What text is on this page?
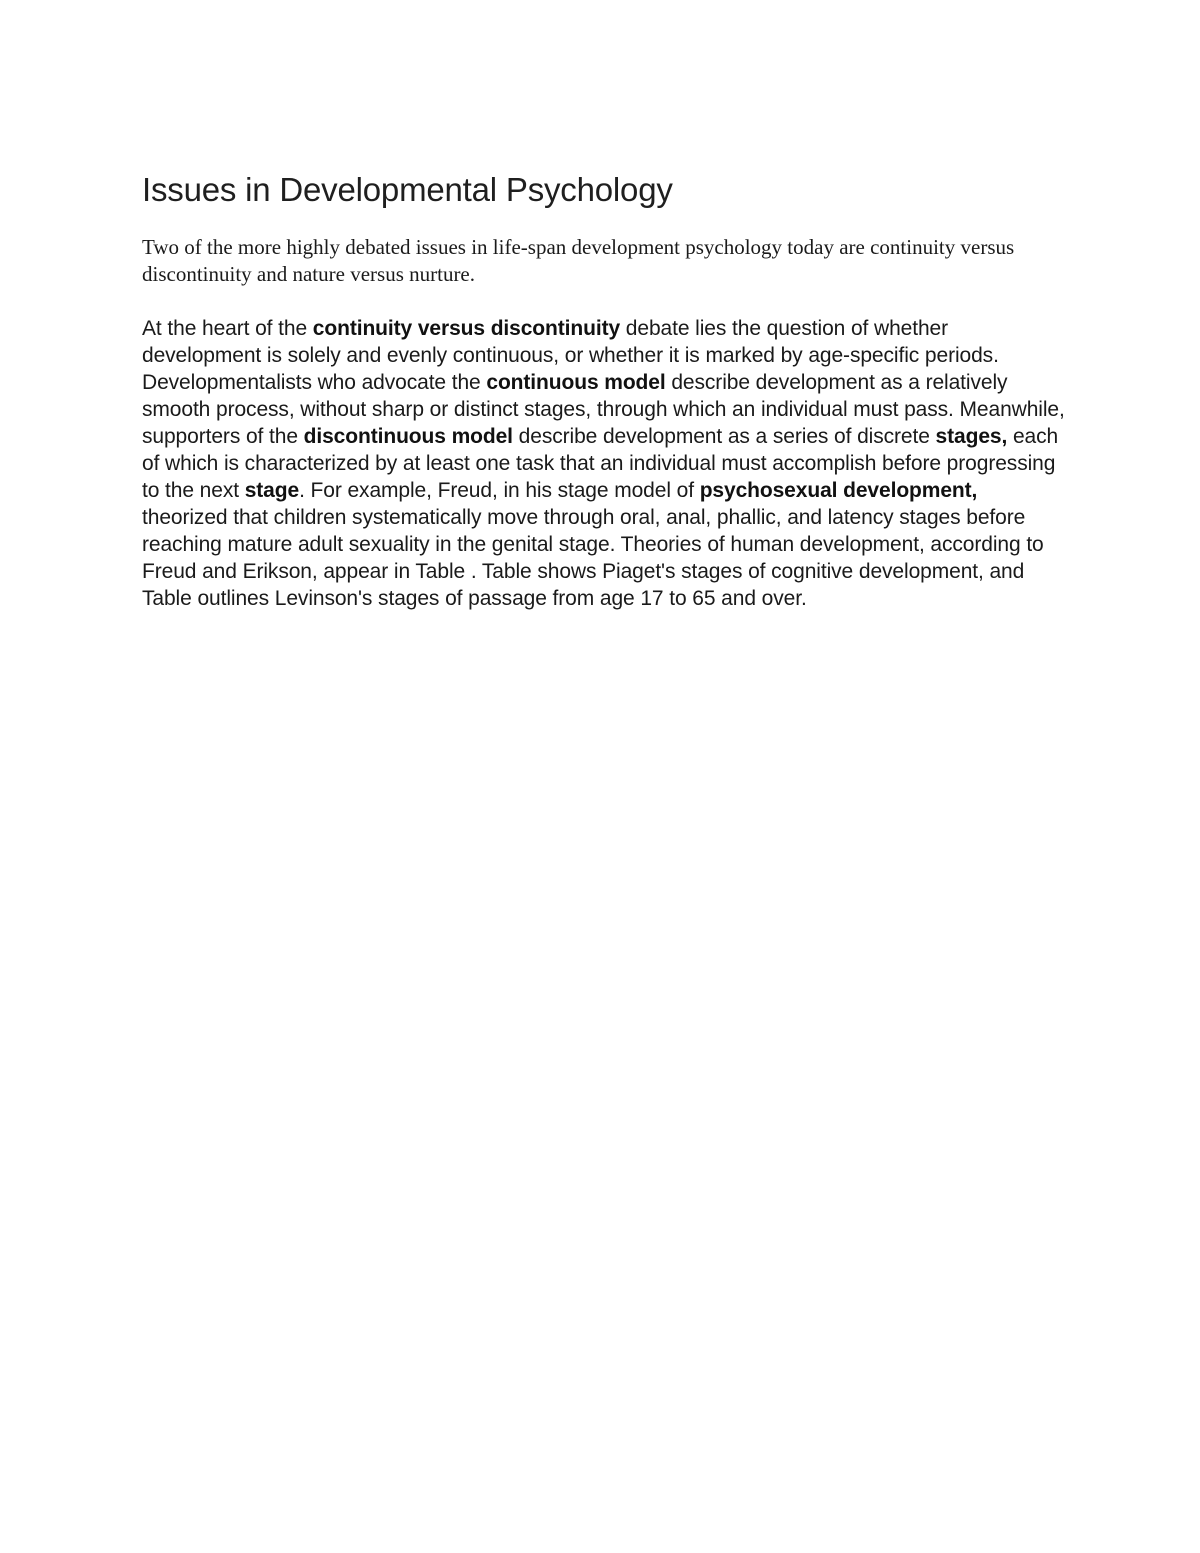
Issues in Developmental Psychology

Two of the more highly debated issues in life-span development psychology today are continuity versus discontinuity and nature versus nurture.

At the heart of the continuity versus discontinuity debate lies the question of whether development is solely and evenly continuous, or whether it is marked by age-specific periods. Developmentalists who advocate the continuous model describe development as a relatively smooth process, without sharp or distinct stages, through which an individual must pass. Meanwhile, supporters of the discontinuous model describe development as a series of discrete stages, each of which is characterized by at least one task that an individual must accomplish before progressing to the next stage. For example, Freud, in his stage model of psychosexual development, theorized that children systematically move through oral, anal, phallic, and latency stages before reaching mature adult sexuality in the genital stage. Theories of human development, according to Freud and Erikson, appear in Table . Table shows Piaget's stages of cognitive development, and Table outlines Levinson's stages of passage from age 17 to 65 and over.
